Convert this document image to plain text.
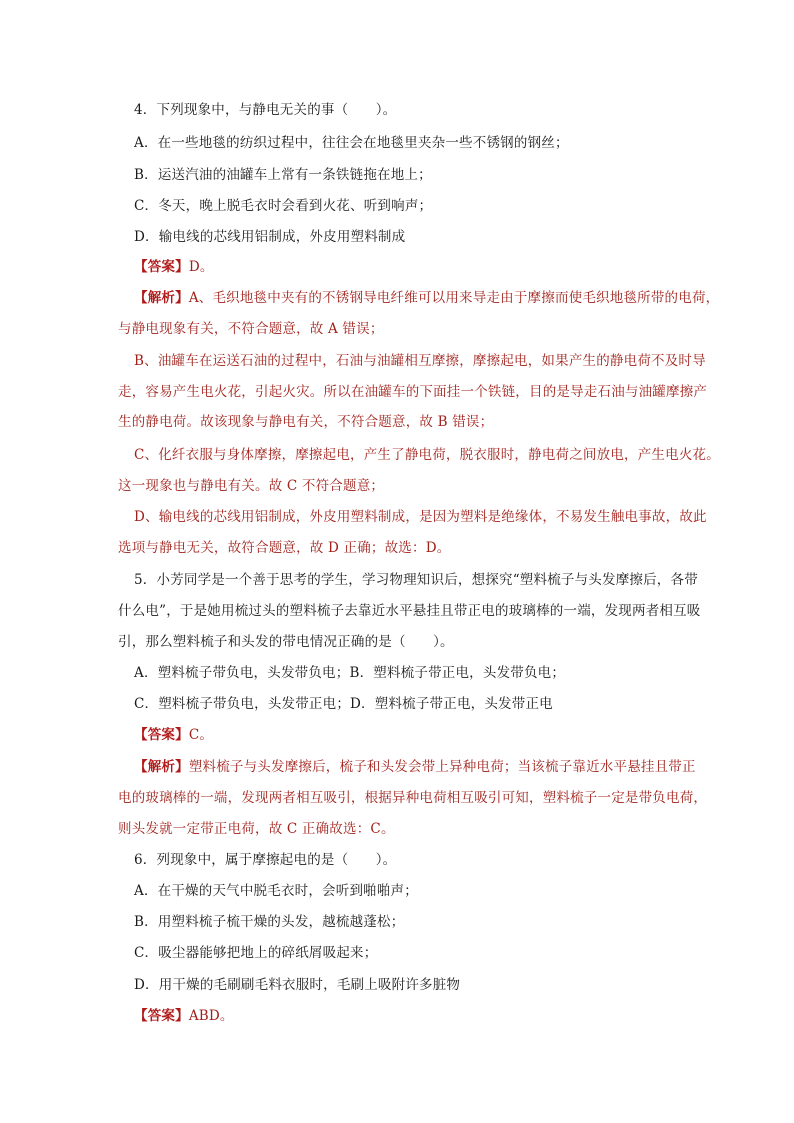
4．下列现象中，与静电无关的事（　　）。
A．在一些地毯的纺织过程中，往往会在地毯里夹杂一些不锈钢的钢丝；
B．运送汽油的油罐车上常有一条铁链拖在地上；
C．冬天，晚上脱毛衣时会看到火花、听到响声；
D．输电线的芯线用铝制成，外皮用塑料制成
【答案】D。
【解析】A、毛织地毯中夹有的不锈钢导电纤维可以用来导走由于摩擦而使毛织地毯所带的电荷，
与静电现象有关，不符合题意，故 A 错误；
B、油罐车在运送石油的过程中，石油与油罐相互摩擦，摩擦起电，如果产生的静电荷不及时导
走，容易产生电火花，引起火灾。所以在油罐车的下面挂一个铁链，目的是导走石油与油罐摩擦产
生的静电荷。故该现象与静电有关，不符合题意，故 B 错误；
C、化纤衣服与身体摩擦，摩擦起电，产生了静电荷，脱衣服时，静电荷之间放电，产生电火花。
这一现象也与静电有关。故 C 不符合题意；
D、输电线的芯线用铝制成，外皮用塑料制成，是因为塑料是绝缘体，不易发生触电事故，故此
选项与静电无关，故符合题意，故 D 正确；故选：D。
5．小芳同学是一个善于思考的学生，学习物理知识后，想探究“塑料梳子与头发摩擦后，各带
什么电”，于是她用梳过头的塑料梳子去靠近水平悬挂且带正电的玻璃棒的一端，发现两者相互吸
引，那么塑料梳子和头发的带电情况正确的是（　　）。
A．塑料梳子带负电，头发带负电；B．塑料梳子带正电，头发带负电；
C．塑料梳子带负电，头发带正电；D．塑料梳子带正电，头发带正电
【答案】C。
【解析】塑料梳子与头发摩擦后，梳子和头发会带上异种电荷；当该梳子靠近水平悬挂且带正
电的玻璃棒的一端，发现两者相互吸引，根据异种电荷相互吸引可知，塑料梳子一定是带负电荷，
则头发就一定带正电荷，故 C 正确故选：C。
6．列现象中，属于摩擦起电的是（　　）。
A．在干燥的天气中脱毛衣时，会听到啪啪声；
B．用塑料梳子梳干燥的头发，越梳越蓬松；
C．吸尘器能够把地上的碎纸屑吸起来；
D．用干燥的毛刷刷毛料衣服时，毛刷上吸附许多脏物
【答案】ABD。
